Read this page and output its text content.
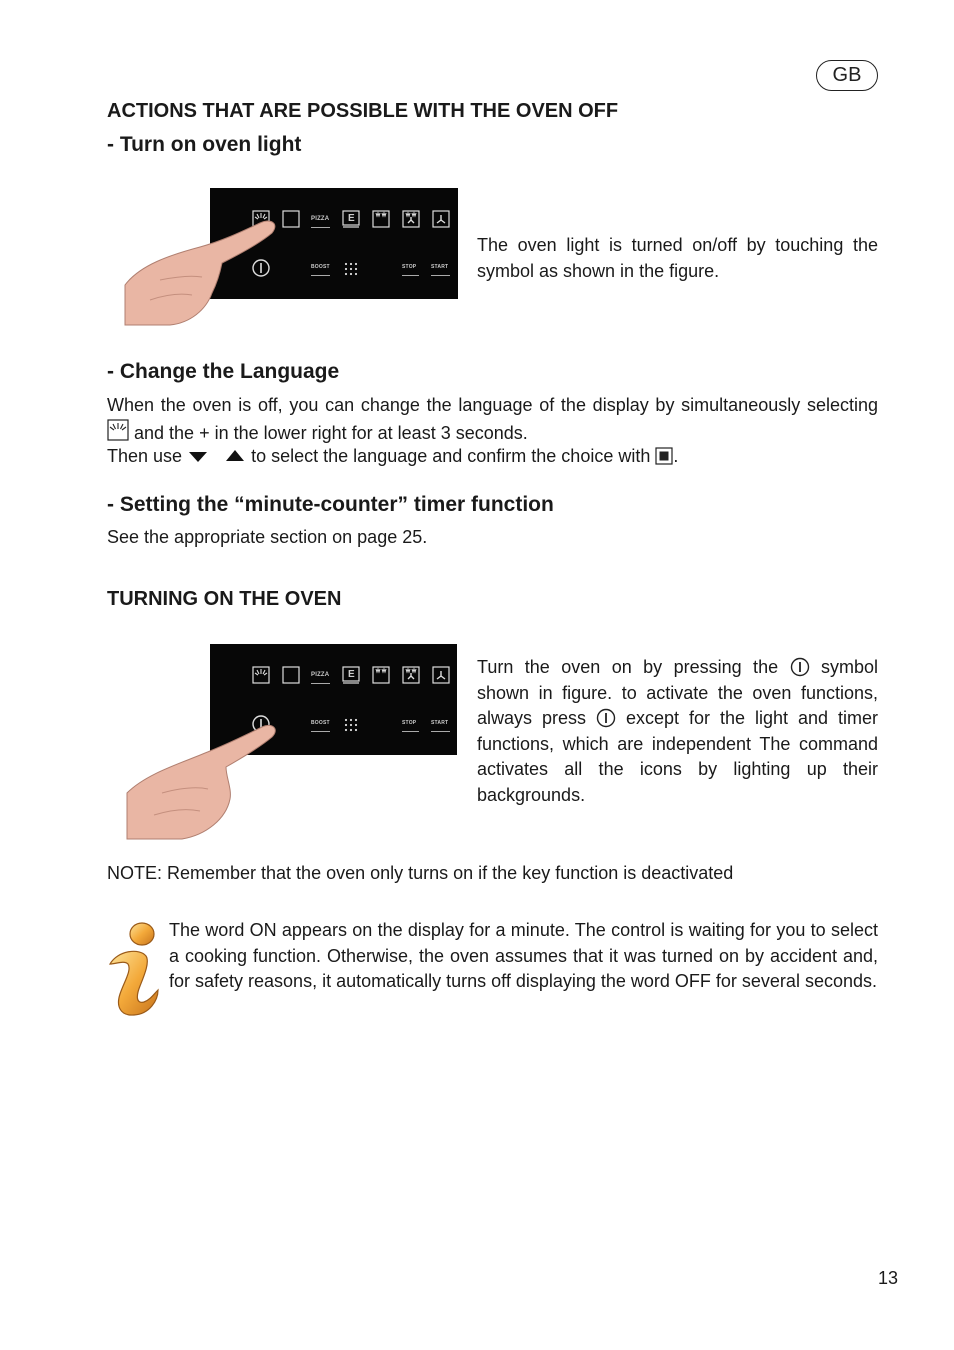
GB
ACTIONS THAT ARE POSSIBLE WITH THE OVEN OFF
- Turn on oven light
PIZZA E
BOOST	STOP	START
The oven light is turned on/off by touching the symbol as shown in the figure.
- Change the Language
When the oven is off, you can change the language of the display by simultaneously selecting  and the + in the lower right for at least 3 seconds.
Then use	to select the language and confirm the choice with .
- Setting the “minute-counter” timer function
See the appropriate section on page 25.
TURNING ON THE OVEN
PIZZA E
BOOST	STOP	START
Turn the oven on by pressing the symbol shown in figure. to activate the oven functions, always press except for the light and timer functions, which are independent The command activates all the icons by lighting up their backgrounds.
NOTE: Remember that the oven only turns on if the key function is deactivated
The word ON appears on the display for a minute. The control is waiting for you to select a cooking function. Otherwise, the oven assumes that it was turned on by accident and, for safety reasons, it automatically turns off displaying the word OFF for several seconds.
13
